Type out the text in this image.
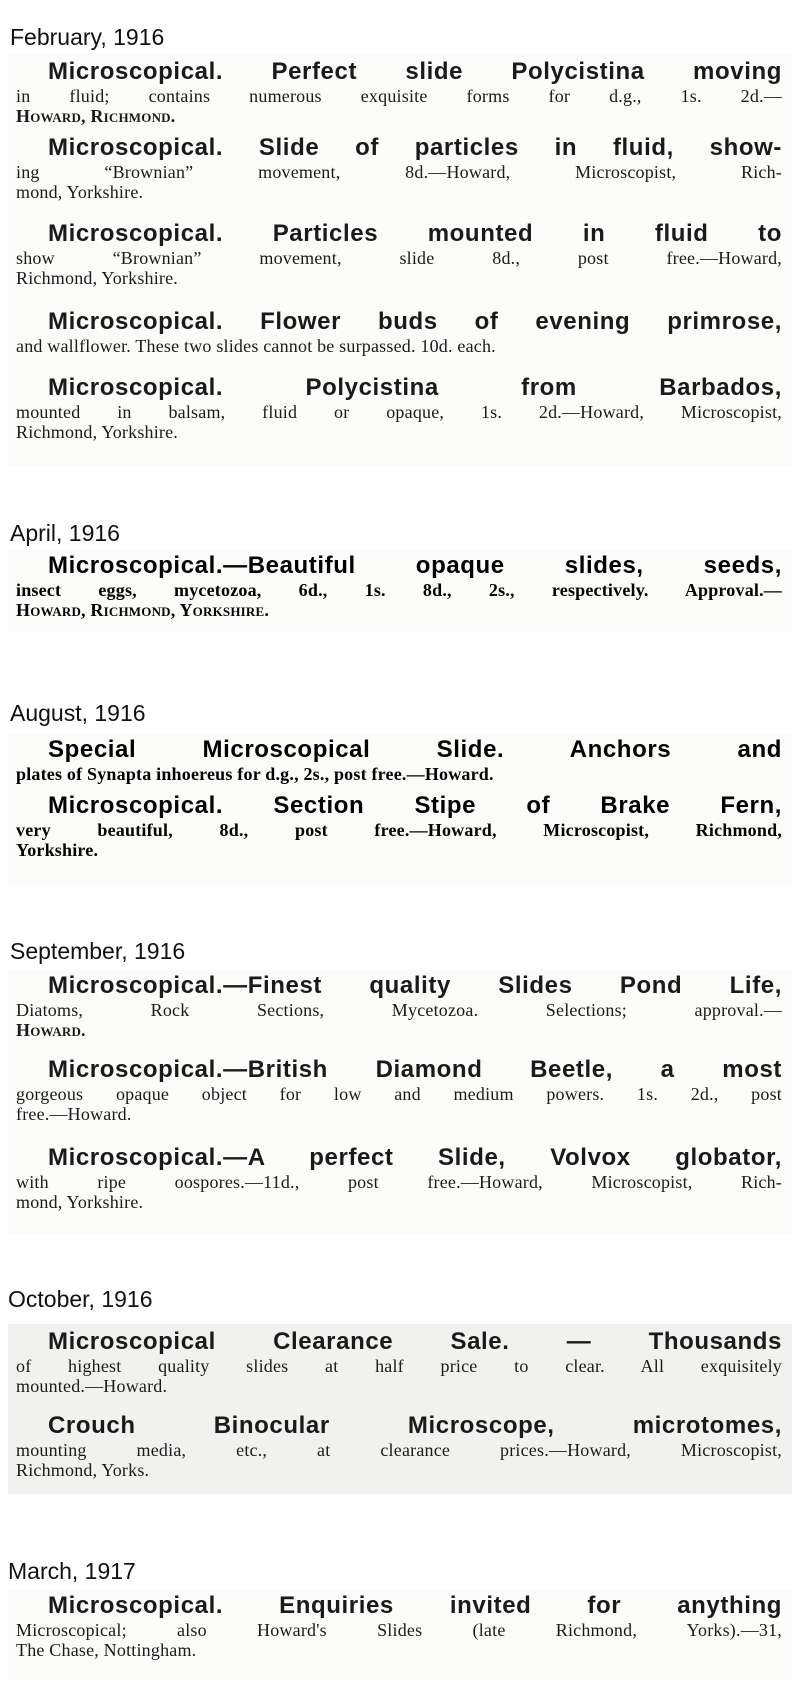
February, 1916
Microscopical. Perfect slide Polycistina moving
in fluid; contains numerous exquisite forms for d.g., 1s. 2d.—
Howard, Richmond.
Microscopical. Slide of particles in fluid, show-
ing “Brownian” movement, 8d.—Howard, Microscopist, Rich-
mond, Yorkshire.
Microscopical. Particles mounted in fluid to
show “Brownian” movement, slide 8d., post free.—Howard,
Richmond, Yorkshire.
Microscopical. Flower buds of evening primrose,
and wallflower. These two slides cannot be surpassed. 10d. each.
Microscopical.	Polycistina from Barbados,
mounted in balsam, fluid or opaque, 1s. 2d.—Howard, Microscopist,
Richmond, Yorkshire.
April, 1916
Microscopical.—Beautiful opaque slides, seeds,
insect eggs, mycetozoa, 6d., 1s. 8d., 2s., respectively. Approval.—
Howard, Richmond, Yorkshire.
August, 1916
Special Microscopical Slide.	Anchors and
plates of Synapta inhoereus for d.g., 2s., post free.—Howard.
Microscopical. Section Stipe of Brake Fern,
very beautiful, 8d., post free.—Howard, Microscopist, Richmond,
Yorkshire.
September, 1916
Microscopical.—Finest quality Slides Pond Life,
Diatoms, Rock Sections, Mycetozoa. Selections; approval.—
Howard.
Microscopical.—British Diamond Beetle, a most
gorgeous opaque object for low and medium powers. 1s. 2d., post
free.—Howard.
Microscopical.—A perfect Slide, Volvox globator,
with ripe oospores.—11d., post free.—Howard, Microscopist, Rich-
mond, Yorkshire.
October, 1916
Microscopical Clearance Sale. — Thousands
of highest quality slides at half price to clear. All exquisitely
mounted.—Howard.
Crouch Binocular Microscope,	microtomes,
mounting media, etc., at clearance prices.—Howard, Microscopist,
Richmond, Yorks.
March, 1917
Microscopical. Enquiries invited for anything
Microscopical; also Howard's Slides (late Richmond, Yorks).—31,
The Chase, Nottingham.
